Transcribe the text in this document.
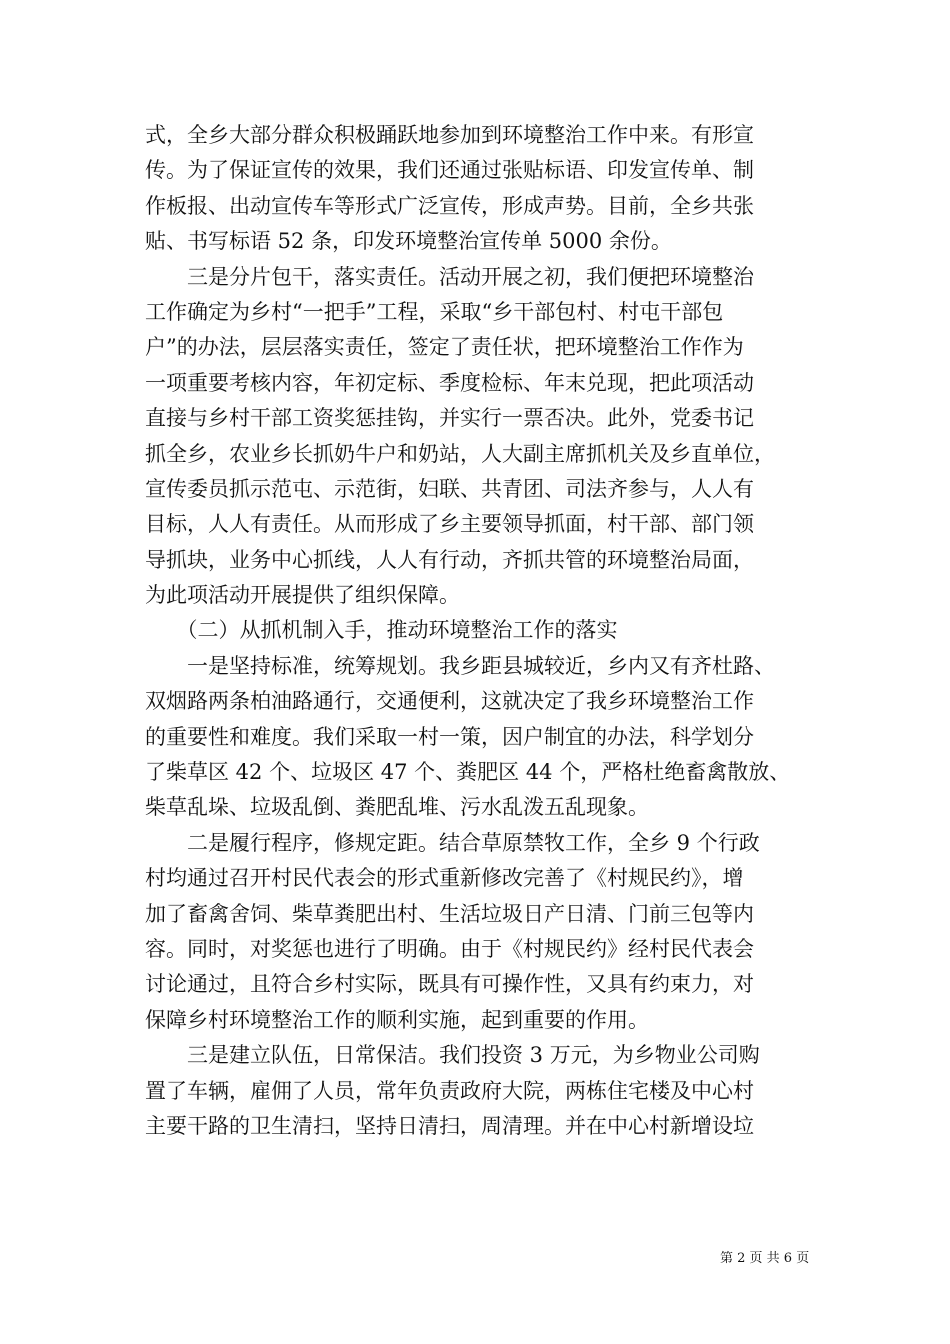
式，全乡大部分群众积极踊跃地参加到环境整治工作中来。有形宣
传。为了保证宣传的效果，我们还通过张贴标语、印发宣传单、制
作板报、出动宣传车等形式广泛宣传，形成声势。目前，全乡共张
贴、书写标语 52 条，印发环境整治宣传单 5000 余份。
　　三是分片包干，落实责任。活动开展之初，我们便把环境整治
工作确定为乡村“一把手”工程，采取“乡干部包村、村屯干部包
户”的办法，层层落实责任，签定了责任状，把环境整治工作作为
一项重要考核内容，年初定标、季度检标、年末兑现，把此项活动
直接与乡村干部工资奖惩挂钩，并实行一票否决。此外，党委书记
抓全乡，农业乡长抓奶牛户和奶站，人大副主席抓机关及乡直单位，
宣传委员抓示范屯、示范街，妇联、共青团、司法齐参与，人人有
目标，人人有责任。从而形成了乡主要领导抓面，村干部、部门领
导抓块，业务中心抓线，人人有行动，齐抓共管的环境整治局面，
为此项活动开展提供了组织保障。
　　（二）从抓机制入手，推动环境整治工作的落实
　　一是坚持标准，统筹规划。我乡距县城较近，乡内又有齐杜路、
双烟路两条柏油路通行，交通便利，这就决定了我乡环境整治工作
的重要性和难度。我们采取一村一策，因户制宜的办法，科学划分
了柴草区 42 个、垃圾区 47 个、粪肥区 44 个，严格杜绝畜禽散放、
柴草乱垛、垃圾乱倒、粪肥乱堆、污水乱泼五乱现象。
　　二是履行程序，修规定距。结合草原禁牧工作，全乡 9 个行政
村均通过召开村民代表会的形式重新修改完善了《村规民约》，增
加了畜禽舍饲、柴草粪肥出村、生活垃圾日产日清、门前三包等内
容。同时，对奖惩也进行了明确。由于《村规民约》经村民代表会
讨论通过，且符合乡村实际，既具有可操作性，又具有约束力，对
保障乡村环境整治工作的顺利实施，起到重要的作用。
　　三是建立队伍，日常保洁。我们投资 3 万元，为乡物业公司购
置了车辆，雇佣了人员，常年负责政府大院，两栋住宅楼及中心村
主要干路的卫生清扫，坚持日清扫，周清理。并在中心村新增设垃
第 2 页 共 6 页
